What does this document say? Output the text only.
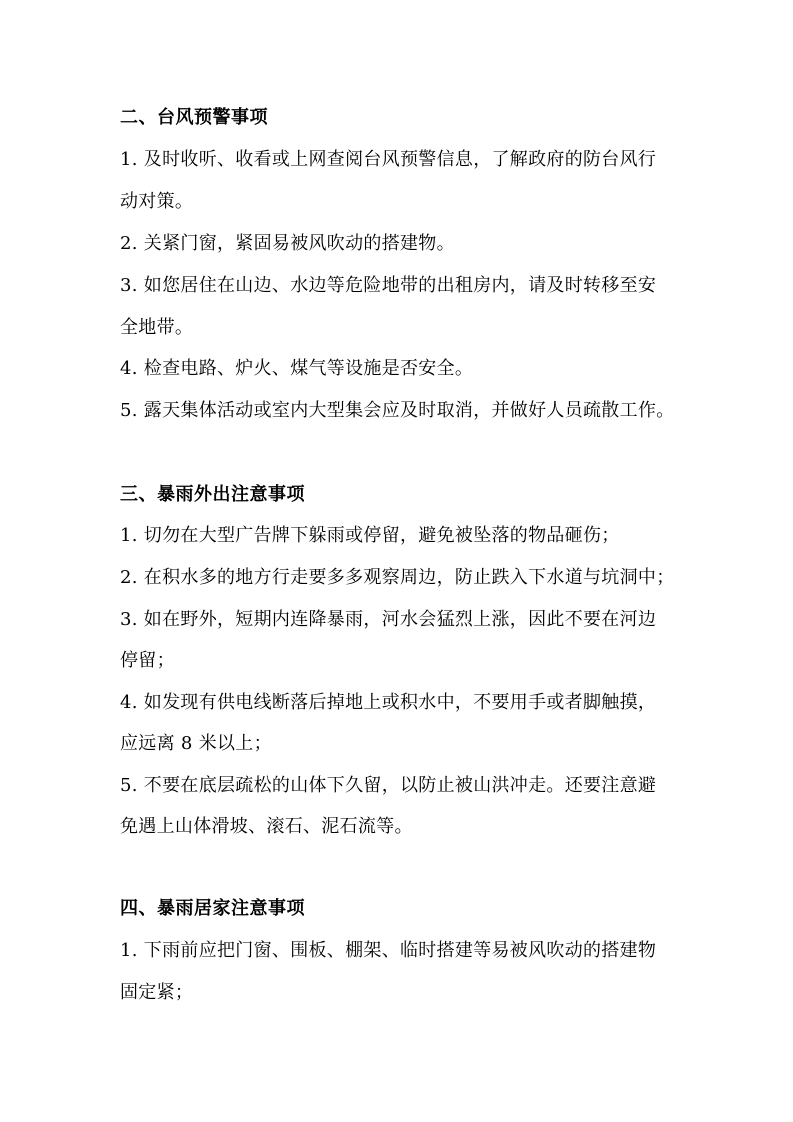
二、台风预警事项
1. 及时收听、收看或上网查阅台风预警信息，了解政府的防台风行
动对策。
2. 关紧门窗，紧固易被风吹动的搭建物。
3. 如您居住在山边、水边等危险地带的出租房内，请及时转移至安
全地带。
4. 检查电路、炉火、煤气等设施是否安全。
5. 露天集体活动或室内大型集会应及时取消，并做好人员疏散工作。
三、暴雨外出注意事项
1. 切勿在大型广告牌下躲雨或停留，避免被坠落的物品砸伤；
2. 在积水多的地方行走要多多观察周边，防止跌入下水道与坑洞中；
3. 如在野外，短期内连降暴雨，河水会猛烈上涨，因此不要在河边
停留；
4. 如发现有供电线断落后掉地上或积水中，不要用手或者脚触摸，
应远离 8 米以上；
5. 不要在底层疏松的山体下久留，以防止被山洪冲走。还要注意避
免遇上山体滑坡、滚石、泥石流等。
四、暴雨居家注意事项
1. 下雨前应把门窗、围板、棚架、临时搭建等易被风吹动的搭建物
固定紧；
